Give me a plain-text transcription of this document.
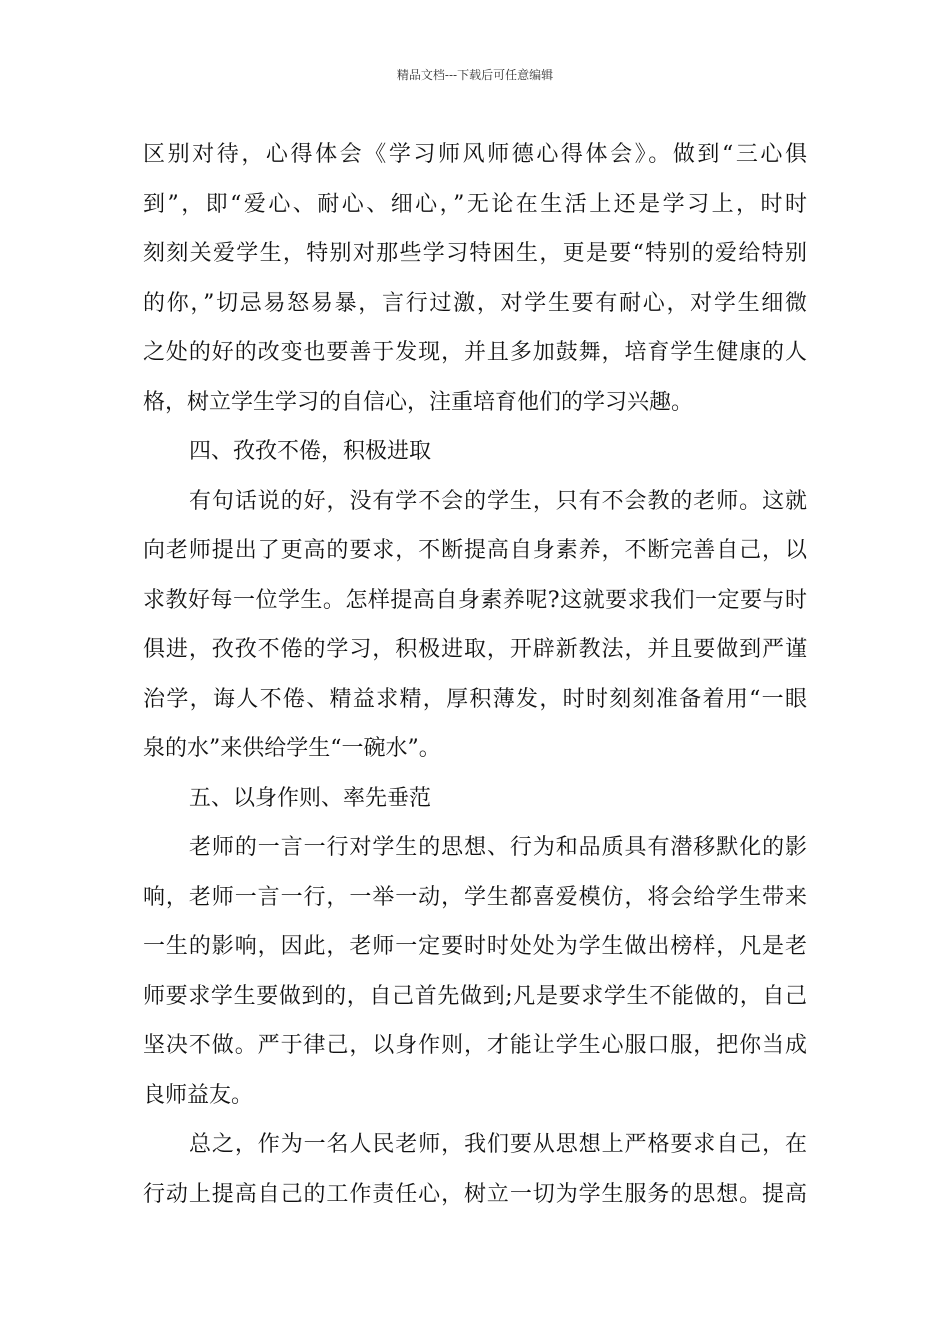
精品文档---下载后可任意编辑
区别对待，心得体会《学习师风师德心得体会》。做到“三心俱
到”，即“爱心、耐心、细心，”无论在生活上还是学习上，时时
刻刻关爱学生，特别对那些学习特困生，更是要“特别的爱给特别
的你，”切忌易怒易暴，言行过激，对学生要有耐心，对学生细微
之处的好的改变也要善于发现，并且多加鼓舞，培育学生健康的人
格，树立学生学习的自信心，注重培育他们的学习兴趣。
四、孜孜不倦，积极进取
有句话说的好，没有学不会的学生，只有不会教的老师。这就
向老师提出了更高的要求，不断提高自身素养，不断完善自己，以
求教好每一位学生。怎样提高自身素养呢?这就要求我们一定要与时
俱进，孜孜不倦的学习，积极进取，开辟新教法，并且要做到严谨
治学，诲人不倦、精益求精，厚积薄发，时时刻刻准备着用“一眼
泉的水”来供给学生“一碗水”。
五、以身作则、率先垂范
老师的一言一行对学生的思想、行为和品质具有潜移默化的影
响，老师一言一行，一举一动，学生都喜爱模仿，将会给学生带来
一生的影响，因此，老师一定要时时处处为学生做出榜样，凡是老
师要求学生要做到的，自己首先做到;凡是要求学生不能做的，自己
坚决不做。严于律己，以身作则，才能让学生心服口服，把你当成
良师益友。
总之，作为一名人民老师，我们要从思想上严格要求自己，在
行动上提高自己的工作责任心，树立一切为学生服务的思想。提高
